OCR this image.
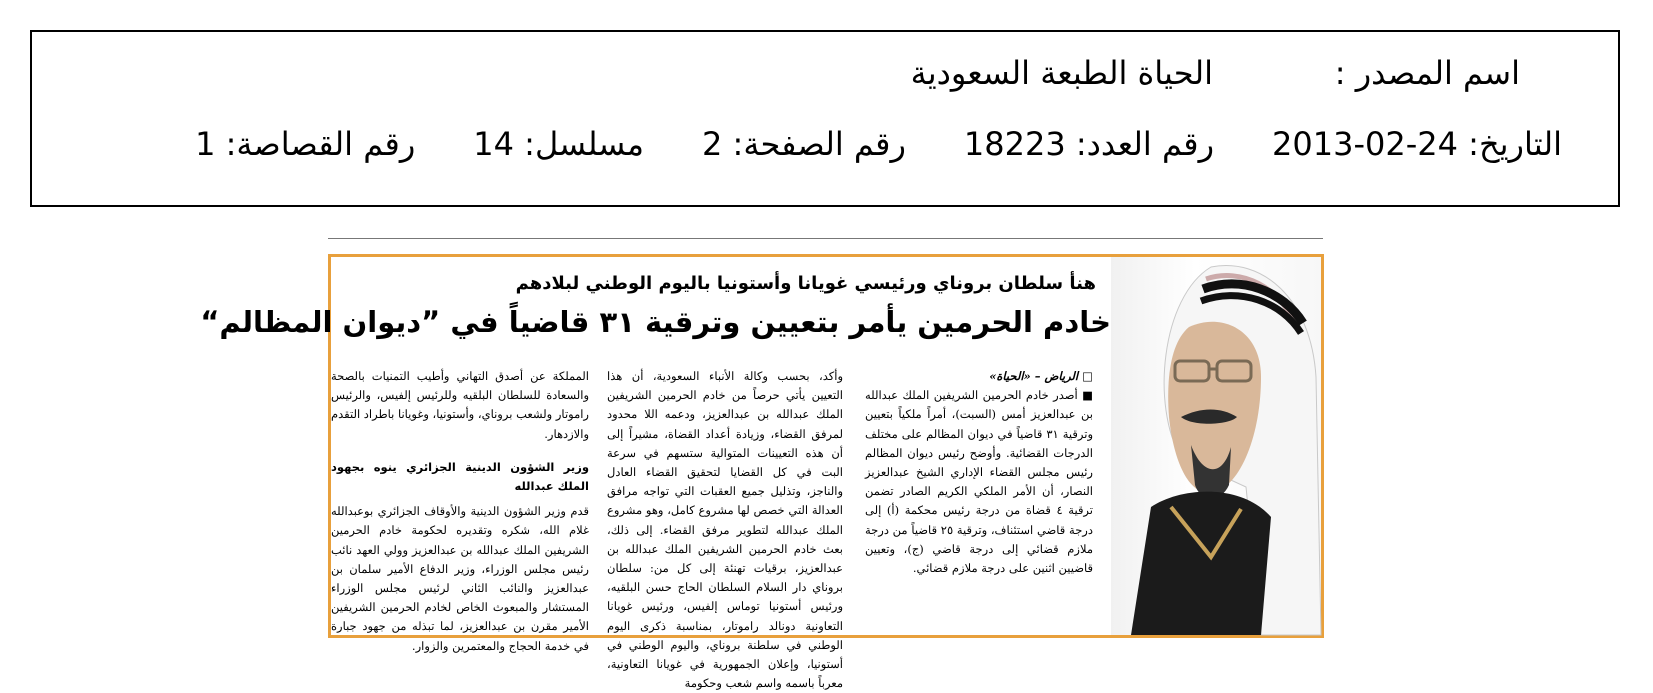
اسم المصدر :
الحياة الطبعة السعودية
التاريخ: 2013-02-24
رقم العدد: 18223
رقم الصفحة: 2
مسلسل: 14
رقم القصاصة: 1
هنأ سلطان بروناي ورئيسي غويانا وأستونيا باليوم الوطني لبلادهم
خادم الحرمين يأمر بتعيين وترقية ٣١ قاضياً في ”ديوان المظالم“
□ الرياض – «الحياة»
■ أصدر خادم الحرمين الشريفين الملك عبدالله بن عبدالعزيز أمس (السبت)، أمراً ملكياً بتعيين وترقية ٣١ قاضياً في ديوان المظالم على مختلف الدرجات القضائية. وأوضح رئيس ديوان المظالم رئيس مجلس القضاء الإداري الشيخ عبدالعزيز النصار، أن الأمر الملكي الكريم الصادر تضمن ترقية ٤ قضاة من درجة رئيس محكمة (أ) إلى درجة قاضي استئناف، وترقية ٢٥ قاضياً من درجة ملازم قضائي إلى درجة قاضي (ج)، وتعيين قاضيين اثنين على درجة ملازم قضائي.
وأكد، بحسب وكالة الأنباء السعودية، أن هذا التعيين يأتي حرصاً من خادم الحرمين الشريفين الملك عبدالله بن عبدالعزيز، ودعمه اللا محدود لمرفق القضاء، وزيادة أعداد القضاة، مشيراً إلى أن هذه التعيينات المتوالية ستسهم في سرعة البت في كل القضايا لتحقيق القضاء العادل والناجز، وتذليل جميع العقبات التي تواجه مرافق العدالة التي خصص لها مشروع كامل، وهو مشروع الملك عبدالله لتطوير مرفق القضاء. إلى ذلك، بعث خادم الحرمين الشريفين الملك عبدالله بن عبدالعزيز، برقيات تهنئة إلى كل من: سلطان بروناي دار السلام السلطان الحاج حسن البلقيه، ورئيس أستونيا توماس إلفيس، ورئيس غويانا التعاونية دونالد راموتار، بمناسبة ذكرى اليوم الوطني في سلطنة بروناي، واليوم الوطني في أستونيا، وإعلان الجمهورية في غويانا التعاونية، معرباً باسمه واسم شعب وحكومة
المملكة عن أصدق التهاني وأطيب التمنيات بالصحة والسعادة للسلطان البلقيه وللرئيس إلفيس، والرئيس راموتار ولشعب بروناي، وأستونيا، وغويانا باطراد التقدم والازدهار.
وزير الشؤون الدينية الجزائري ينوه بجهود الملك عبدالله
قدم وزير الشؤون الدينية والأوقاف الجزائري بوعبدالله غلام الله، شكره وتقديره لحكومة خادم الحرمين الشريفين الملك عبدالله بن عبدالعزيز وولي العهد نائب رئيس مجلس الوزراء، وزير الدفاع الأمير سلمان بن عبدالعزيز والنائب الثاني لرئيس مجلس الوزراء المستشار والمبعوث الخاص لخادم الحرمين الشريفين الأمير مقرن بن عبدالعزيز، لما تبذله من جهود جبارة في خدمة الحجاج والمعتمرين والزوار.
